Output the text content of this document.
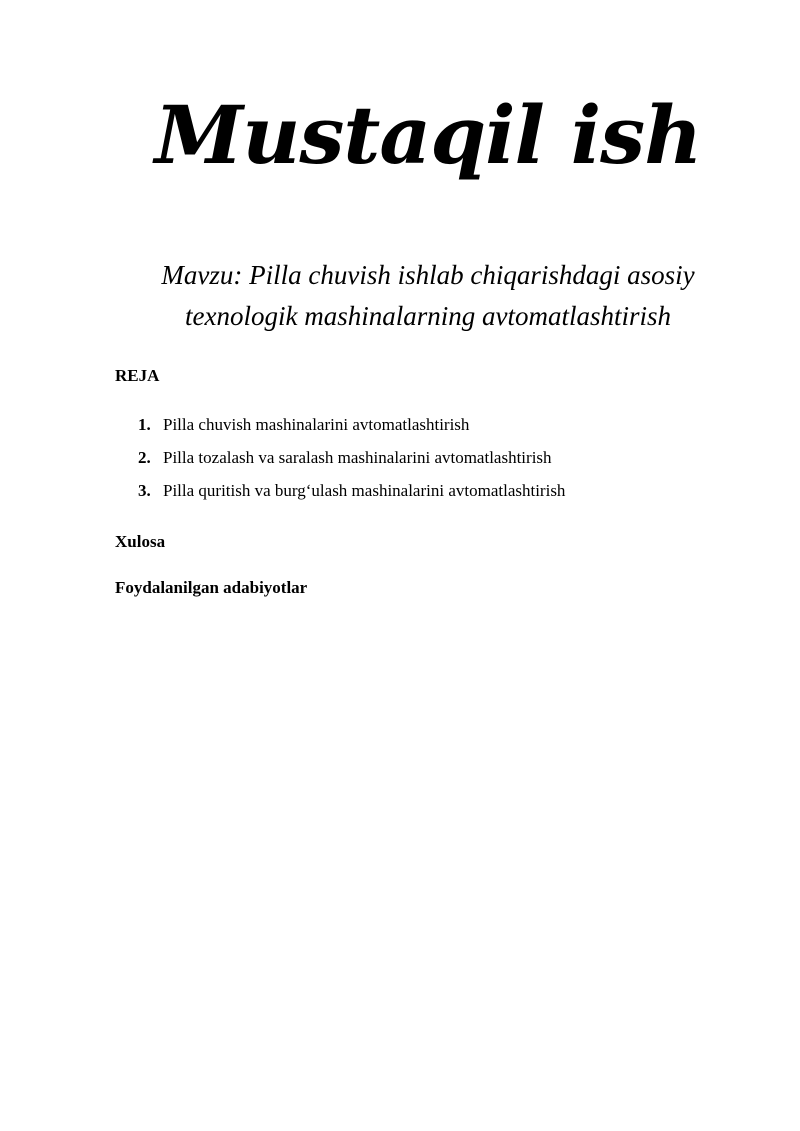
Mustaqil ish

Mavzu: Pilla chuvish ishlab chiqarishdagi asosiy
texnologik mashinalarning avtomatlashtirish

REJA
1. Pilla chuvish mashinalarini avtomatlashtirish
2. Pilla tozalash va saralash mashinalarini avtomatlashtirish
3. Pilla quritish va burg‘ulash mashinalarini avtomatlashtirish
Xulosa
Foydalanilgan adabiyotlar
